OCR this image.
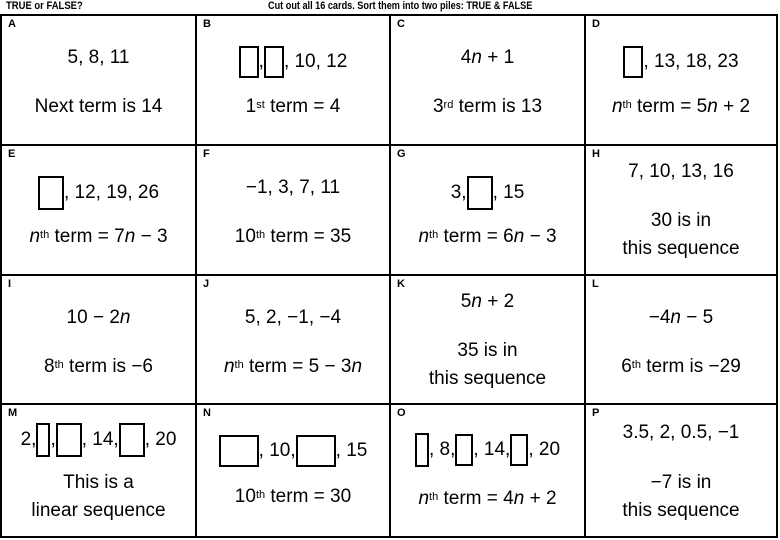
TRUE or FALSE?	Cut out all 16 cards. Sort them into two piles: TRUE & FALSE
A
5, 8, 11
Next term is 14
B
, , 10, 12
1st term = 4
C
4n + 1
3rd term is 13
D
, 13, 18, 23
$n^{th}$ term = 5n + 2
E
, 12, 19, 26
$n^{th}$ term = 7n − 3
F
−1, 3, 7, 11
10th term = 35
G
3, , 15
$n^{th}$ term = 6n − 3
H
7, 10, 13, 16
30 is in
this sequence
I
10 − 2n
8th term is −6
J
5, 2, −1, −4
$n^{th}$ term = 5 − 3n
K
5n + 2
35 is in
this sequence
L
−4n − 5
6th term is −29
M
2, , , 14, , 20
This is a
linear sequence
N
, 10, , 15
10th term = 30
O
, 8, , 14, , 20
$n^{th}$ term = 4n + 2
P
3.5, 2, 0.5, −1
−7 is in
this sequence
